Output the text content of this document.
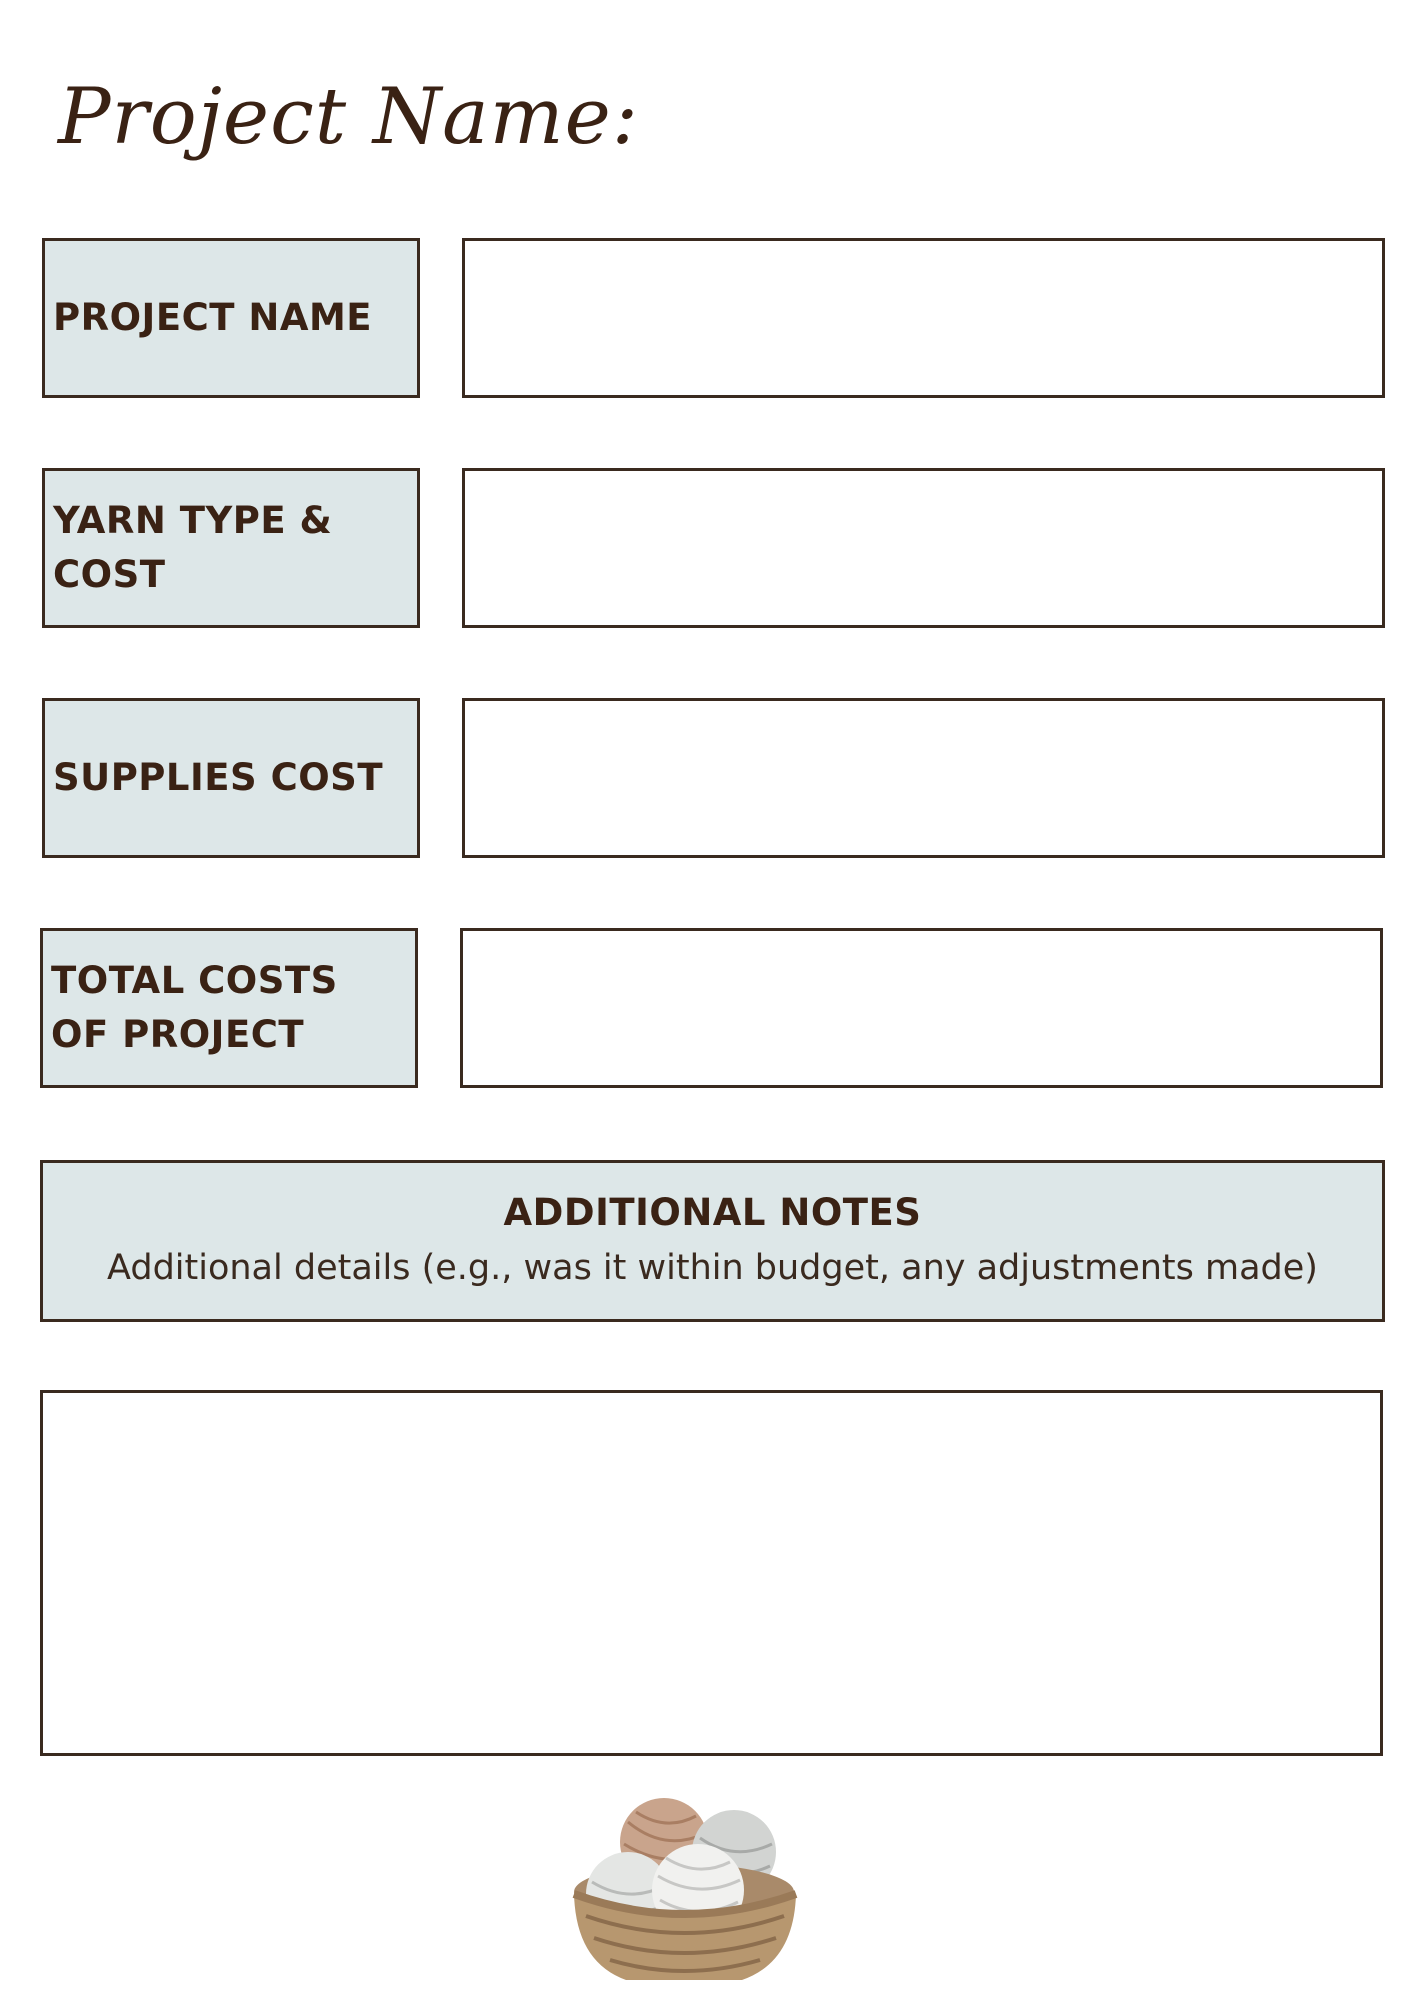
Project Name:
PROJECT NAME
YARN TYPE & COST
SUPPLIES COST
TOTAL COSTS OF PROJECT
ADDITIONAL NOTES
Additional details (e.g., was it within budget, any adjustments made)
